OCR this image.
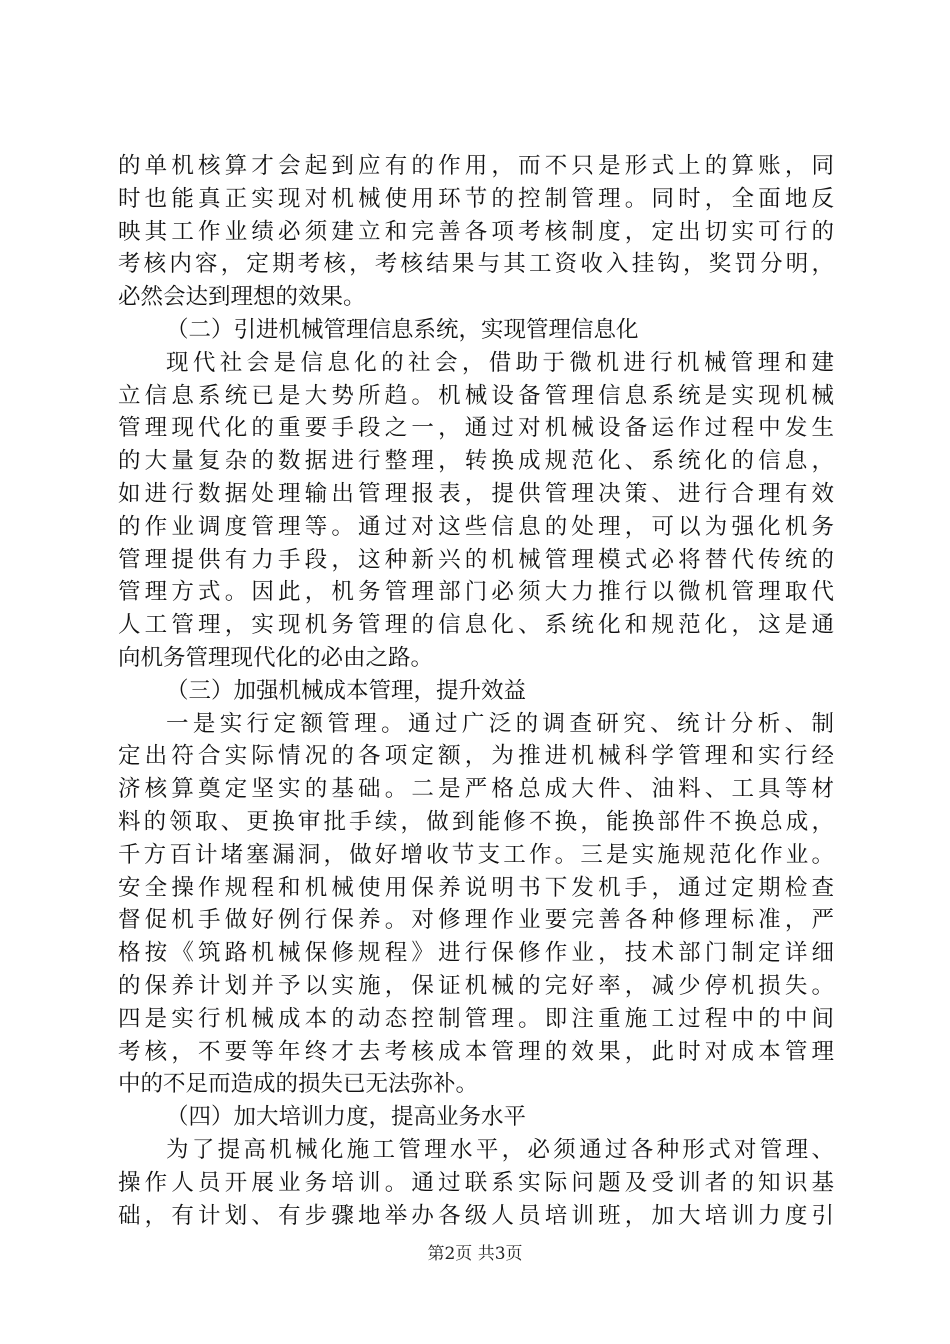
的单机核算才会起到应有的作用，而不只是形式上的算账，同
时也能真正实现对机械使用环节的控制管理。同时，全面地反
映其工作业绩必须建立和完善各项考核制度，定出切实可行的
考核内容，定期考核，考核结果与其工资收入挂钩，奖罚分明，
必然会达到理想的效果。
（二）引进机械管理信息系统，实现管理信息化
现代社会是信息化的社会，借助于微机进行机械管理和建
立信息系统已是大势所趋。机械设备管理信息系统是实现机械
管理现代化的重要手段之一，通过对机械设备运作过程中发生
的大量复杂的数据进行整理，转换成规范化、系统化的信息，
如进行数据处理输出管理报表，提供管理决策、进行合理有效
的作业调度管理等。通过对这些信息的处理，可以为强化机务
管理提供有力手段，这种新兴的机械管理模式必将替代传统的
管理方式。因此，机务管理部门必须大力推行以微机管理取代
人工管理，实现机务管理的信息化、系统化和规范化，这是通
向机务管理现代化的必由之路。
（三）加强机械成本管理，提升效益
一是实行定额管理。通过广泛的调查研究、统计分析、制
定出符合实际情况的各项定额，为推进机械科学管理和实行经
济核算奠定坚实的基础。二是严格总成大件、油料、工具等材
料的领取、更换审批手续，做到能修不换，能换部件不换总成，
千方百计堵塞漏洞，做好增收节支工作。三是实施规范化作业。
安全操作规程和机械使用保养说明书下发机手，通过定期检查
督促机手做好例行保养。对修理作业要完善各种修理标准，严
格按《筑路机械保修规程》进行保修作业，技术部门制定详细
的保养计划并予以实施，保证机械的完好率，减少停机损失。
四是实行机械成本的动态控制管理。即注重施工过程中的中间
考核，不要等年终才去考核成本管理的效果，此时对成本管理
中的不足而造成的损失已无法弥补。
（四）加大培训力度，提高业务水平
为了提高机械化施工管理水平，必须通过各种形式对管理、
操作人员开展业务培训。通过联系实际问题及受训者的知识基
础，有计划、有步骤地举办各级人员培训班，加大培训力度引
第2页 共3页
